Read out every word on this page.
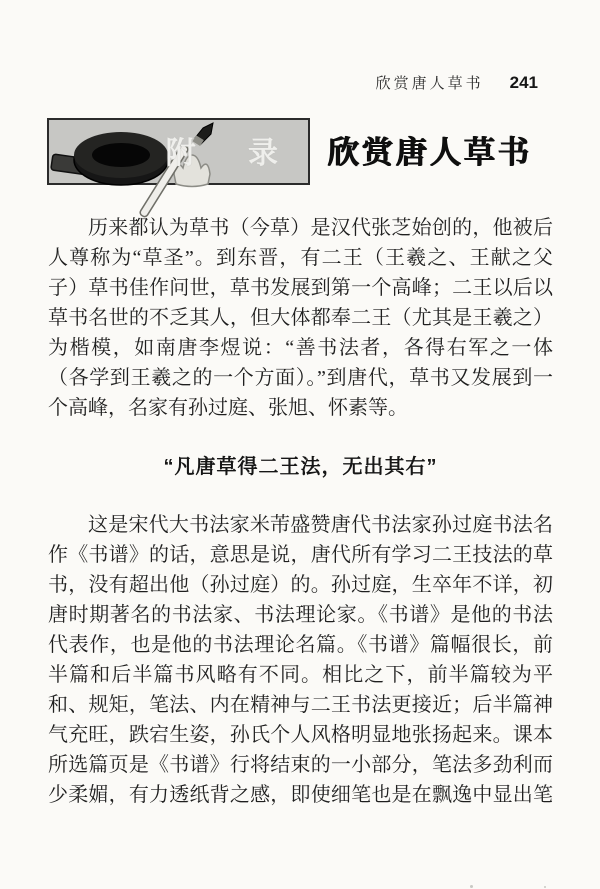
欣赏唐人草书 241
附 录 欣赏唐人草书
历来都认为草书（今草）是汉代张芝始创的，他被后
人尊称为“草圣”。到东晋，有二王（王羲之、王献之父
子）草书佳作问世，草书发展到第一个高峰；二王以后以
草书名世的不乏其人，但大体都奉二王（尤其是王羲之）
为楷模，如南唐李煜说：“善书法者，各得右军之一体
（各学到王羲之的一个方面）。”到唐代，草书又发展到一
个高峰，名家有孙过庭、张旭、怀素等。
“凡唐草得二王法，无出其右”
这是宋代大书法家米芾盛赞唐代书法家孙过庭书法名
作《书谱》的话，意思是说，唐代所有学习二王技法的草
书，没有超出他（孙过庭）的。孙过庭，生卒年不详，初
唐时期著名的书法家、书法理论家。《书谱》是他的书法
代表作，也是他的书法理论名篇。《书谱》篇幅很长，前
半篇和后半篇书风略有不同。相比之下，前半篇较为平
和、规矩，笔法、内在精神与二王书法更接近；后半篇神
气充旺，跌宕生姿，孙氏个人风格明显地张扬起来。课本
所选篇页是《书谱》行将结束的一小部分，笔法多劲利而
少柔媚，有力透纸背之感，即使细笔也是在飘逸中显出笔
